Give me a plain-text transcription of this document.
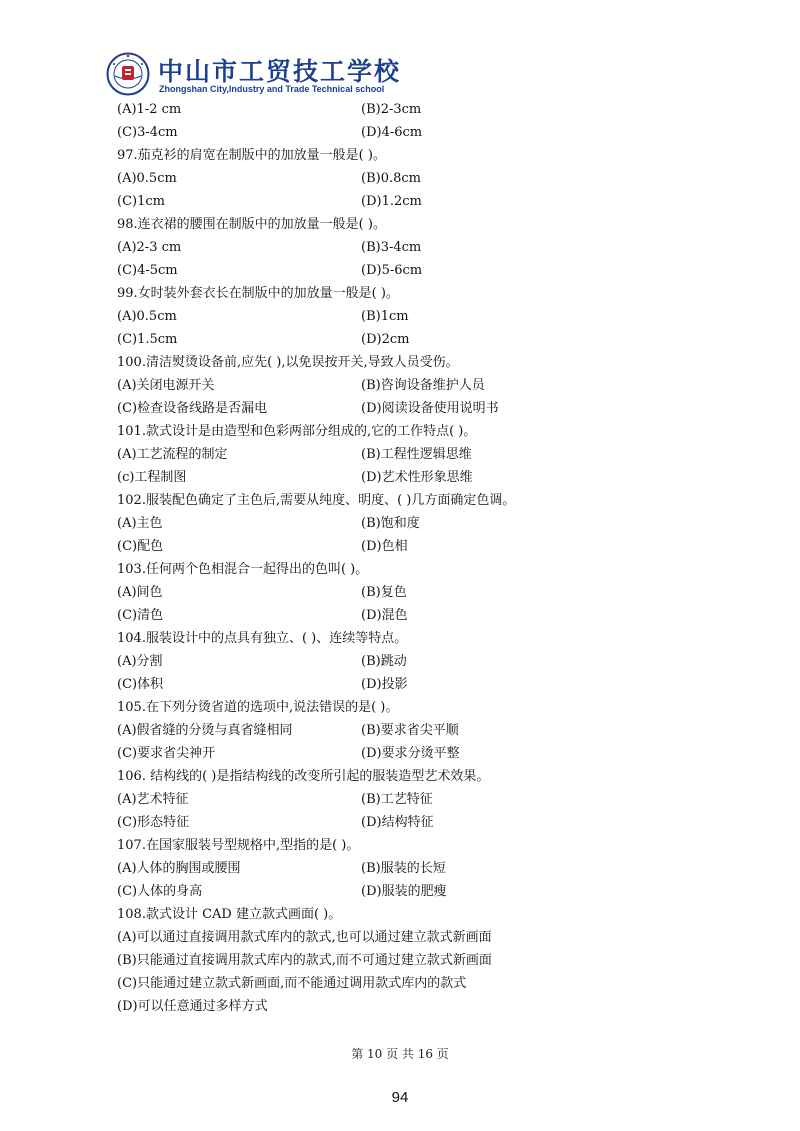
中山市工贸技工学校
Zhongshan City,Industry and Trade Technical school
(A)1-2 cm	(B)2-3cm
(C)3-4cm	(D)4-6cm
97.茄克衫的肩宽在制版中的加放量一般是( )。
(A)0.5cm	(B)0.8cm
(C)1cm	(D)1.2cm
98.连衣裙的腰围在制版中的加放量一般是( )。
(A)2-3 cm	(B)3-4cm
(C)4-5cm	(D)5-6cm
99.女时装外套衣长在制版中的加放量一般是( )。
(A)0.5cm	(B)1cm
(C)1.5cm	(D)2cm
100.清洁熨烫设备前,应先( ),以免误按开关,导致人员受伤。
(A)关闭电源开关	(B)咨询设备维护人员
(C)检查设备线路是否漏电	(D)阅读设备使用说明书
101.款式设计是由造型和色彩两部分组成的,它的工作特点( )。
(A)工艺流程的制定	(B)工程性逻辑思维
(c)工程制图	(D)艺术性形象思维
102.服装配色确定了主色后,需要从纯度、明度、( )几方面确定色调。
(A)主色	(B)饱和度
(C)配色	(D)色相
103.任何两个色相混合一起得出的色叫( )。
(A)间色	(B)复色
(C)清色	(D)混色
104.服装设计中的点具有独立、( )、连续等特点。
(A)分割	(B)跳动
(C)体积	(D)投影
105.在下列分烫省道的选项中,说法错误的是( )。
(A)假省缝的分烫与真省缝相同	(B)要求省尖平顺
(C)要求省尖神开	(D)要求分烫平整
106. 结构线的( )是指结构线的改变所引起的服装造型艺术效果。
(A)艺术特征	(B)工艺特征
(C)形态特征	(D)结构特征
107.在国家服装号型规格中,型指的是( )。
(A)人体的胸围或腰围	(B)服装的长短
(C)人体的身高	(D)服装的肥瘦
108.款式设计 CAD 建立款式画面( )。
(A)可以通过直接调用款式库内的款式,也可以通过建立款式新画面
(B)只能通过直接调用款式库内的款式,而不可通过建立款式新画面
(C)只能通过建立款式新画面,而不能通过调用款式库内的款式
(D)可以任意通过多样方式
第 10 页 共 16 页
94
